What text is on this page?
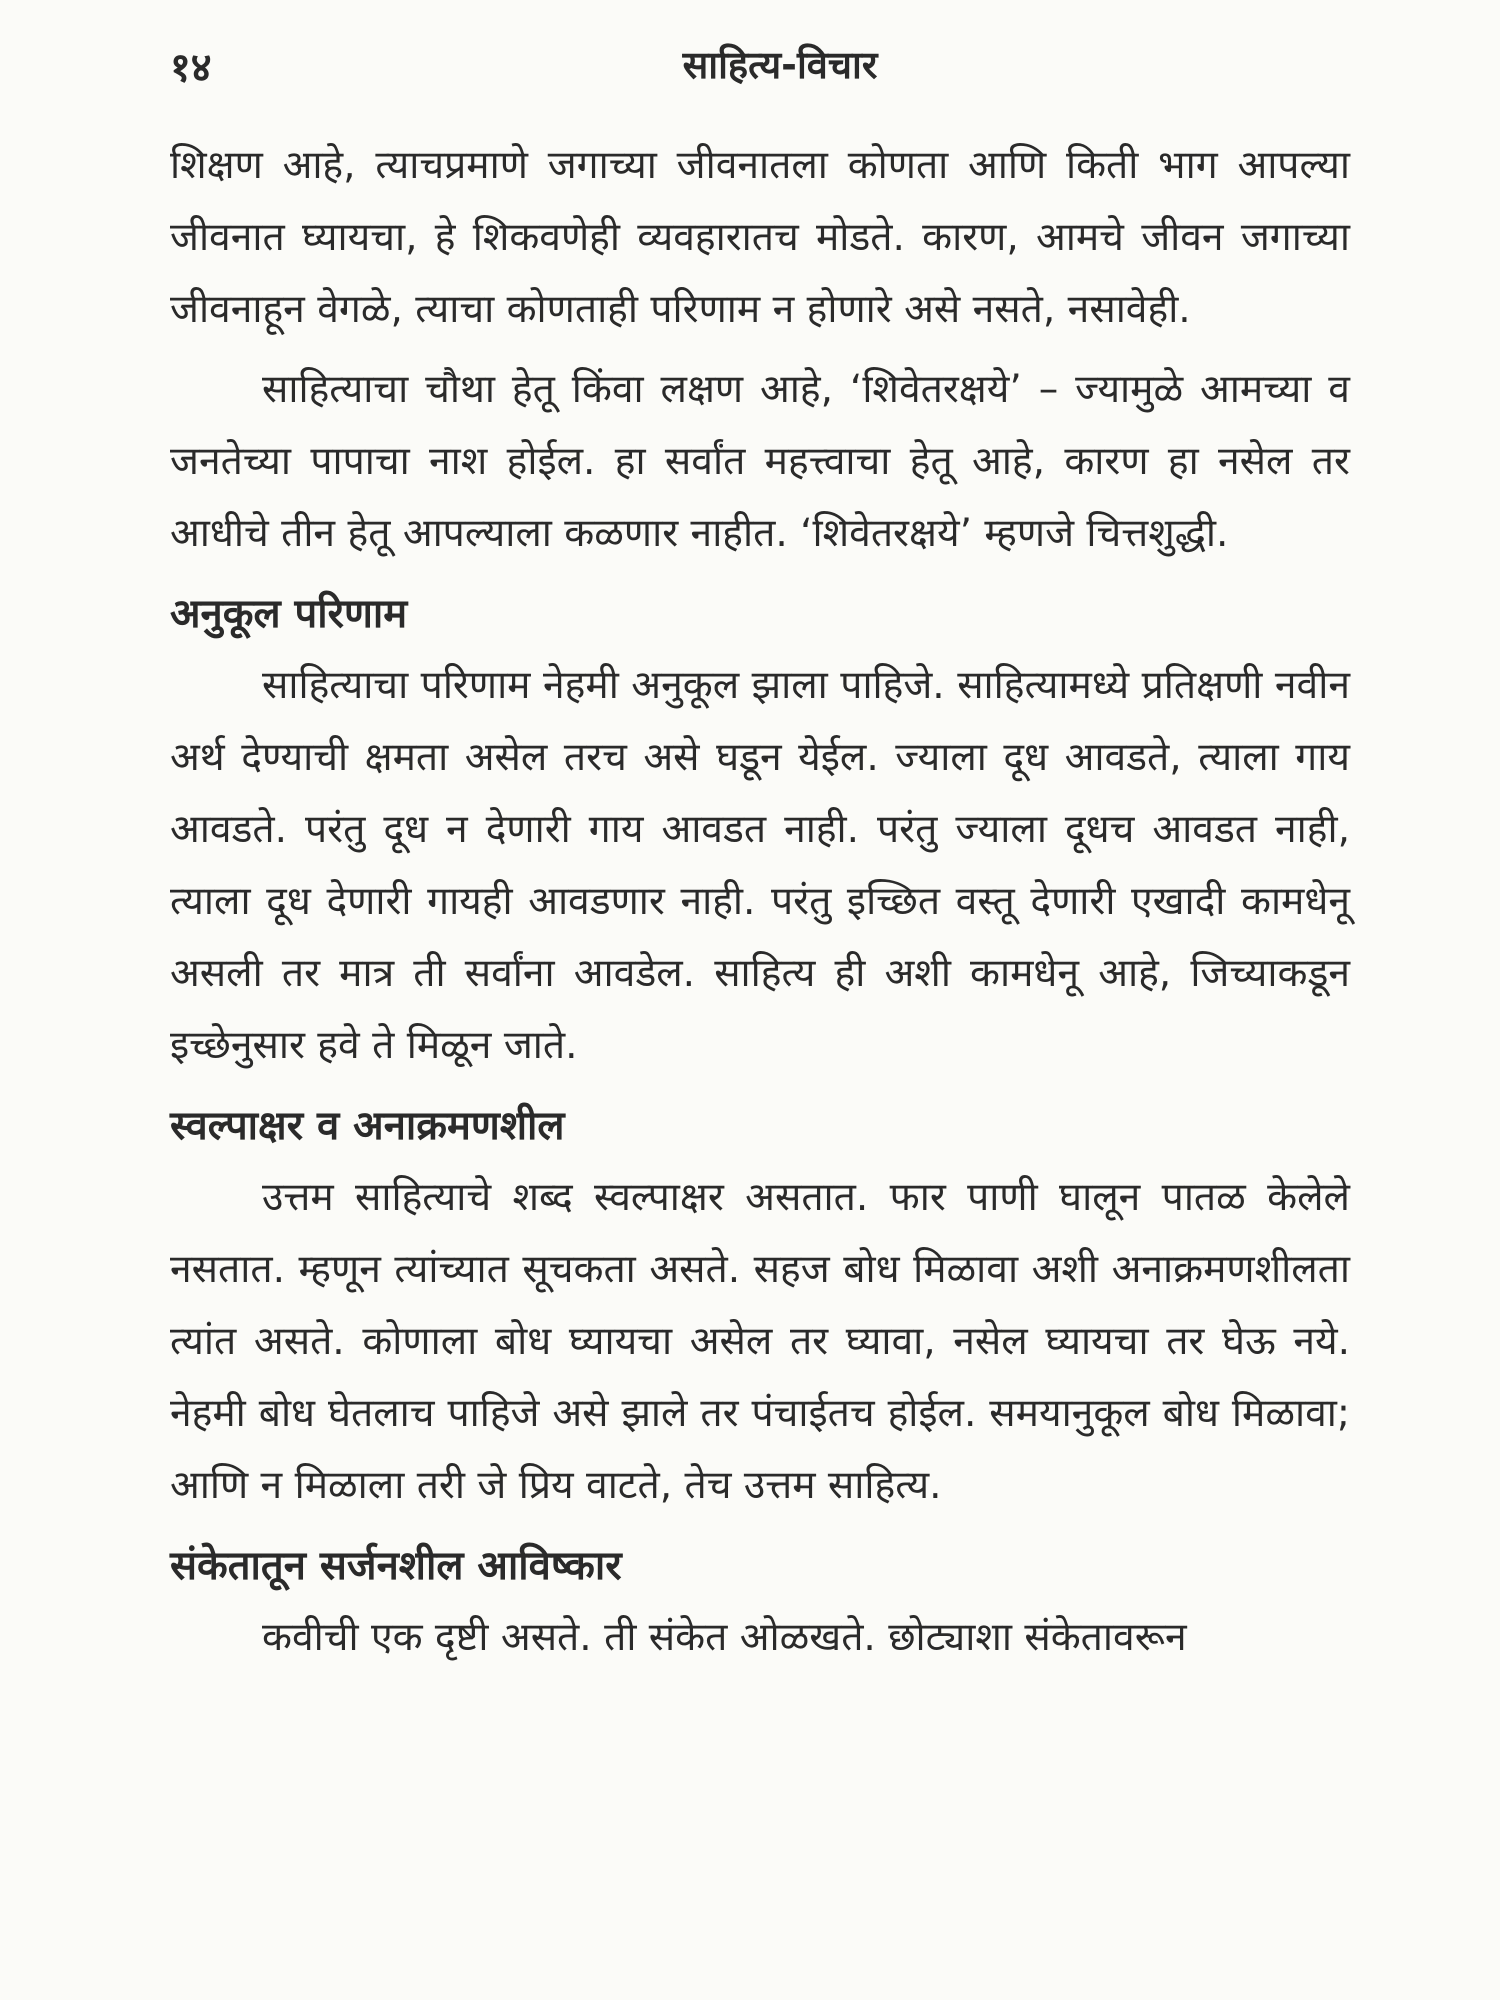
१४	साहित्य-विचार

शिक्षण आहे, त्याचप्रमाणे जगाच्या जीवनातला कोणता आणि किती भाग आपल्या जीवनात घ्यायचा, हे शिकवणेही व्यवहारातच मोडते. कारण, आमचे जीवन जगाच्या जीवनाहून वेगळे, त्याचा कोणताही परिणाम न होणारे असे नसते, नसावेही.

साहित्याचा चौथा हेतू किंवा लक्षण आहे, ‘शिवेतरक्षये’ – ज्यामुळे आमच्या व जनतेच्या पापाचा नाश होईल. हा सर्वांत महत्त्वाचा हेतू आहे, कारण हा नसेल तर आधीचे तीन हेतू आपल्याला कळणार नाहीत. ‘शिवेतरक्षये’ म्हणजे चित्तशुद्धी.

अनुकूल परिणाम

साहित्याचा परिणाम नेहमी अनुकूल झाला पाहिजे. साहित्यामध्ये प्रतिक्षणी नवीन अर्थ देण्याची क्षमता असेल तरच असे घडून येईल. ज्याला दूध आवडते, त्याला गाय आवडते. परंतु दूध न देणारी गाय आवडत नाही. परंतु ज्याला दूधच आवडत नाही, त्याला दूध देणारी गायही आवडणार नाही. परंतु इच्छित वस्तू देणारी एखादी कामधेनू असली तर मात्र ती सर्वांना आवडेल. साहित्य ही अशी कामधेनू आहे, जिच्याकडून इच्छेनुसार हवे ते मिळून जाते.

स्वल्पाक्षर व अनाक्रमणशील

उत्तम साहित्याचे शब्द स्वल्पाक्षर असतात. फार पाणी घालून पातळ केलेले नसतात. म्हणून त्यांच्यात सूचकता असते. सहज बोध मिळावा अशी अनाक्रमणशीलता त्यांत असते. कोणाला बोध घ्यायचा असेल तर घ्यावा, नसेल घ्यायचा तर घेऊ नये. नेहमी बोध घेतलाच पाहिजे असे झाले तर पंचाईतच होईल. समयानुकूल बोध मिळावा; आणि न मिळाला तरी जे प्रिय वाटते, तेच उत्तम साहित्य.

संकेतातून सर्जनशील आविष्कार

कवीची एक दृष्टी असते. ती संकेत ओळखते. छोट्याशा संकेतावरून
